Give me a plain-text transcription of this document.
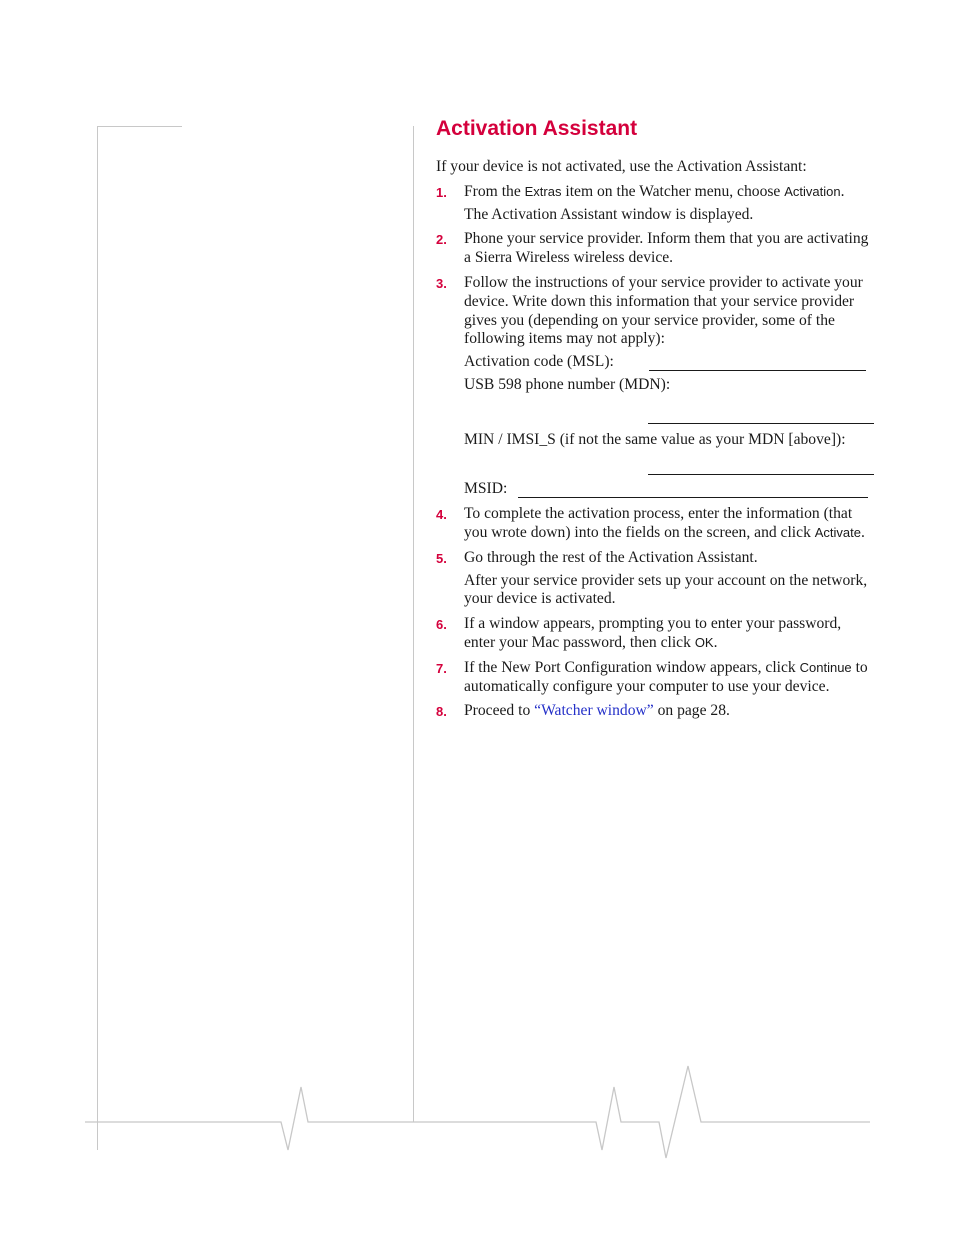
Activation Assistant

If your device is not activated, use the Activation Assistant:

1. From the Extras item on the Watcher menu, choose Activation.

The Activation Assistant window is displayed.

2. Phone your service provider. Inform them that you are activating a Sierra Wireless wireless device.
3. Follow the instructions of your service provider to activate your device. Write down this information that your service provider gives you (depending on your service provider, some of the following items may not apply):
Activation code (MSL):
USB 598 phone number (MDN):
MIN / IMSI_S (if not the same value as your MDN [above]):
MSID:
4. To complete the activation process, enter the information (that you wrote down) into the fields on the screen, and click Activate.
5. Go through the rest of the Activation Assistant.

After your service provider sets up your account on the network, your device is activated.

6. If a window appears, prompting you to enter your password, enter your Mac password, then click OK.
7. If the New Port Configuration window appears, click Continue to automatically configure your computer to use your device.
8. Proceed to “Watcher window” on page 28.
